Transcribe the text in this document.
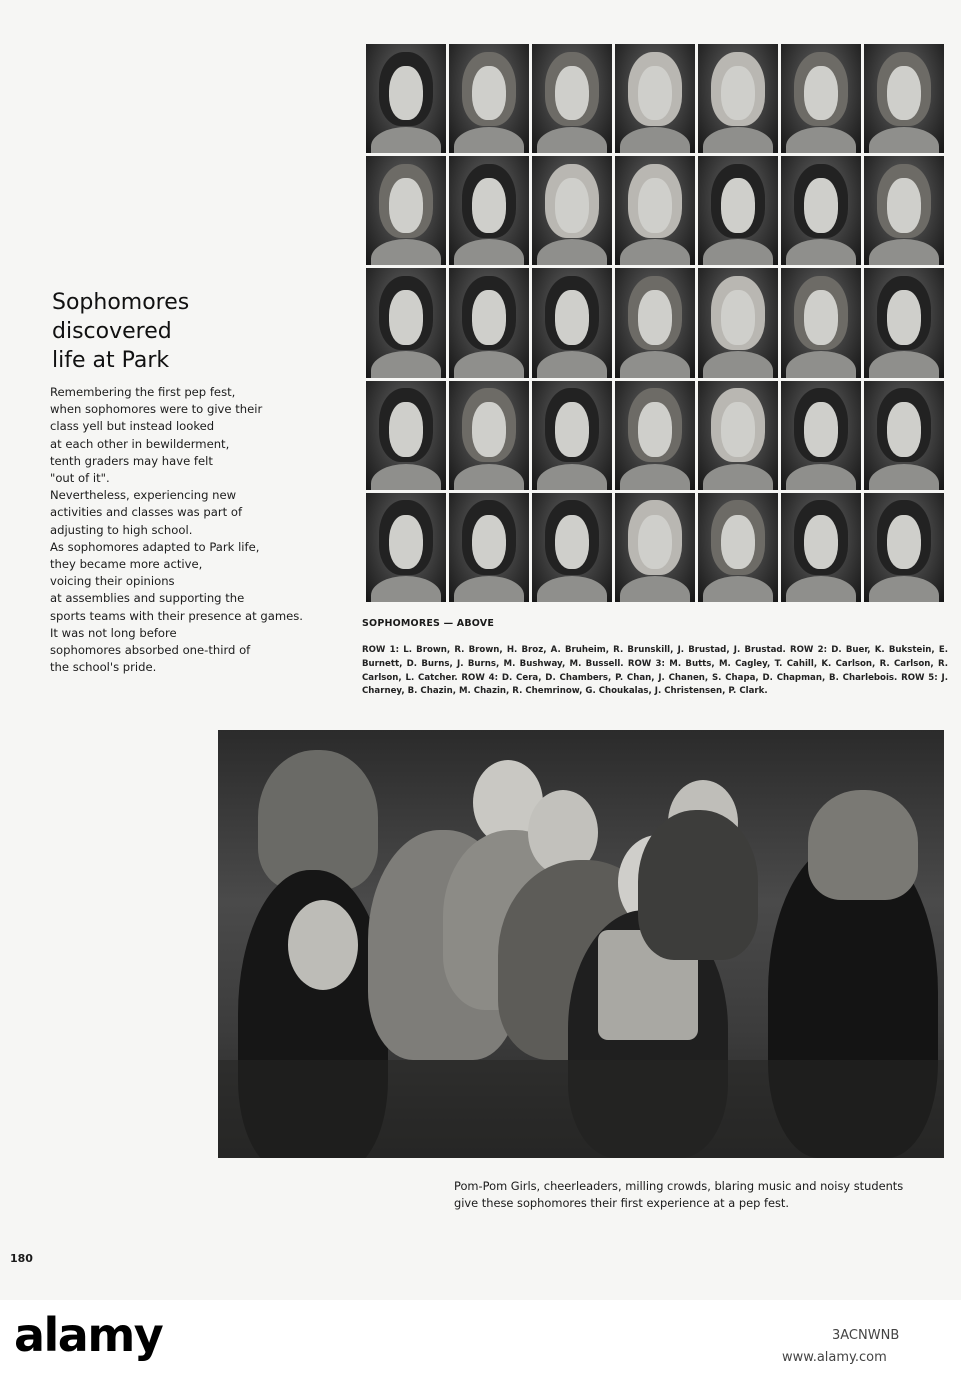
Sophomores
discovered
life at Park
Remembering the first pep fest,
when sophomores were to give their
class yell but instead looked
at each other in bewilderment,
tenth graders may have felt
"out of it".
Nevertheless, experiencing new
activities and classes was part of
adjusting to high school.
As sophomores adapted to Park life,
they became more active,
voicing their opinions
at assemblies and supporting the
sports teams with their presence at games.
It was not long before
sophomores absorbed one-third of
the school's pride.

SOPHOMORES — ABOVE

ROW 1: L. Brown, R. Brown, H. Broz, A. Bruheim, R. Brunskill, J. Brustad, J. Brustad. ROW 2: D. Buer, K. Bukstein, E. Burnett, D. Burns, J. Burns, M. Bushway, M. Bussell. ROW 3: M. Butts, M. Cagley, T. Cahill, K. Carlson, R. Carlson, R. Carlson, L. Catcher. ROW 4: D. Cera, D. Chambers, P. Chan, J. Chanen, S. Chapa, D. Chapman, B. Charlebois. ROW 5: J. Charney, B. Chazin, M. Chazin, R. Chemrinow, G. Choukalas, J. Christensen, P. Clark.

Pom-Pom Girls, cheerleaders, milling crowds, blaring music and noisy students
give these sophomores their first experience at a pep fest.

180
alamy	3ACNWNB
www.alamy.com
